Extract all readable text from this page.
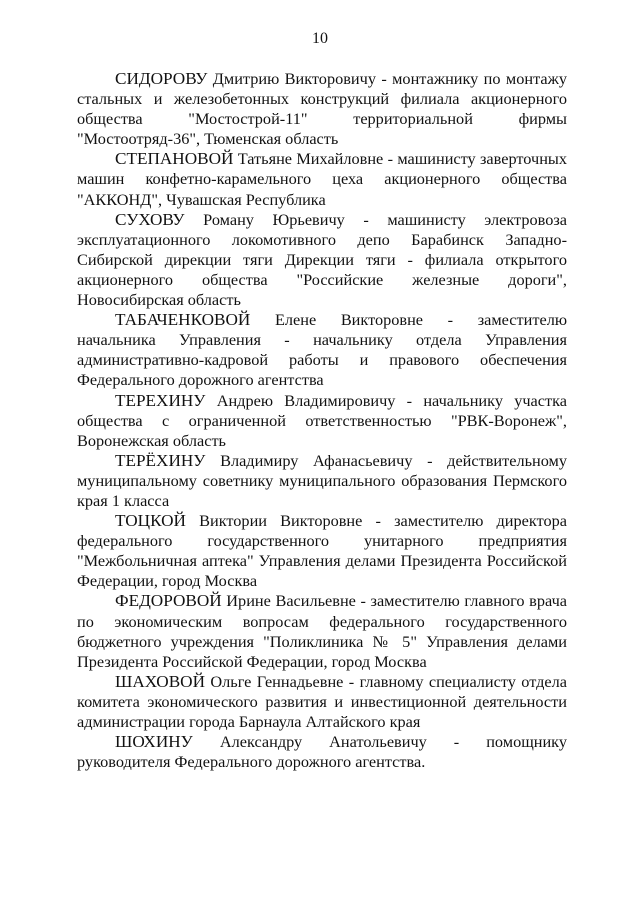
10

СИДОРОВУ Дмитрию Викторовичу - монтажнику по монтажу стальных и железобетонных конструкций филиала акционерного общества "Мостострой-11" территориальной фирмы "Мостоотряд-36", Тюменская область

СТЕПАНОВОЙ Татьяне Михайловне - машинисту заверточных машин конфетно-карамельного цеха акционерного общества "АККОНД", Чувашская Республика

СУХОВУ Роману Юрьевичу - машинисту электровоза эксплуатационного локомотивного депо Барабинск Западно-Сибирской дирекции тяги Дирекции тяги - филиала открытого акционерного общества "Российские железные дороги", Новосибирская область

ТАБАЧЕНКОВОЙ Елене Викторовне - заместителю начальника Управления - начальнику отдела Управления административно-кадровой работы и правового обеспечения Федерального дорожного агентства

ТЕРЕХИНУ Андрею Владимировичу - начальнику участка общества с ограниченной ответственностью "РВК-Воронеж", Воронежская область

ТЕРЁХИНУ Владимиру Афанасьевичу - действительному муниципальному советнику муниципального образования Пермского края 1 класса

ТОЦКОЙ Виктории Викторовне - заместителю директора федерального государственного унитарного предприятия "Межбольничная аптека" Управления делами Президента Российской Федерации, город Москва

ФЕДОРОВОЙ Ирине Васильевне - заместителю главного врача по экономическим вопросам федерального государственного бюджетного учреждения "Поликлиника № 5" Управления делами Президента Российской Федерации, город Москва

ШАХОВОЙ Ольге Геннадьевне - главному специалисту отдела комитета экономического развития и инвестиционной деятельности администрации города Барнаула Алтайского края

ШОХИНУ Александру Анатольевичу - помощнику руководителя Федерального дорожного агентства.
